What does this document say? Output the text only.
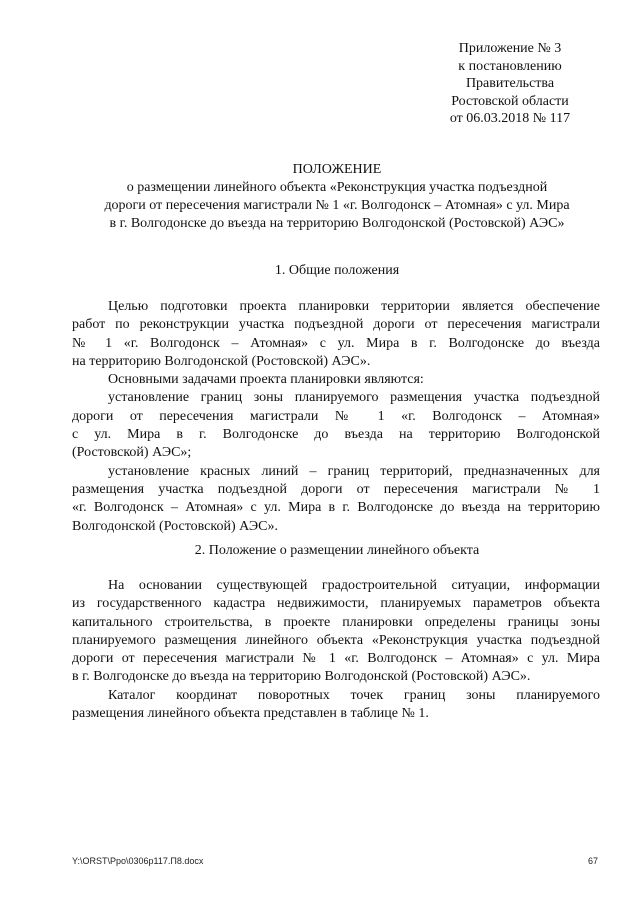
Приложение № 3
к постановлению
Правительства
Ростовской области
от 06.03.2018 № 117
ПОЛОЖЕНИЕ
о размещении линейного объекта «Реконструкция участка подъездной
дороги от пересечения магистрали № 1 «г. Волгодонск – Атомная» с ул. Мира
в г. Волгодонске до въезда на территорию Волгодонской (Ростовской) АЭС»
1. Общие положения
Целью подготовки проекта планировки территории является обеспечение
работ по реконструкции участка подъездной дороги от пересечения магистрали
№ 1 «г. Волгодонск – Атомная» с ул. Мира в г. Волгодонске до въезда
на территорию Волгодонской (Ростовской) АЭС».
Основными задачами проекта планировки являются:
установление границ зоны планируемого размещения участка подъездной
дороги от пересечения магистрали № 1 «г. Волгодонск – Атомная»
с ул. Мира в г. Волгодонске до въезда на территорию Волгодонской
(Ростовской) АЭС»;
установление красных линий – границ территорий, предназначенных для
размещения участка подъездной дороги от пересечения магистрали № 1
«г. Волгодонск – Атомная» с ул. Мира в г. Волгодонске до въезда на территорию
Волгодонской (Ростовской) АЭС».
2. Положение о размещении линейного объекта
На основании существующей градостроительной ситуации, информации
из государственного кадастра недвижимости, планируемых параметров объекта
капитального строительства, в проекте планировки определены границы зоны
планируемого размещения линейного объекта «Реконструкция участка подъездной
дороги от пересечения магистрали № 1 «г. Волгодонск – Атомная» с ул. Мира
в г. Волгодонске до въезда на территорию Волгодонской (Ростовской) АЭС».
Каталог координат поворотных точек границ зоны планируемого
размещения линейного объекта представлен в таблице № 1.
Y:\ORST\Ppo\0306p117.П8.docx	67
